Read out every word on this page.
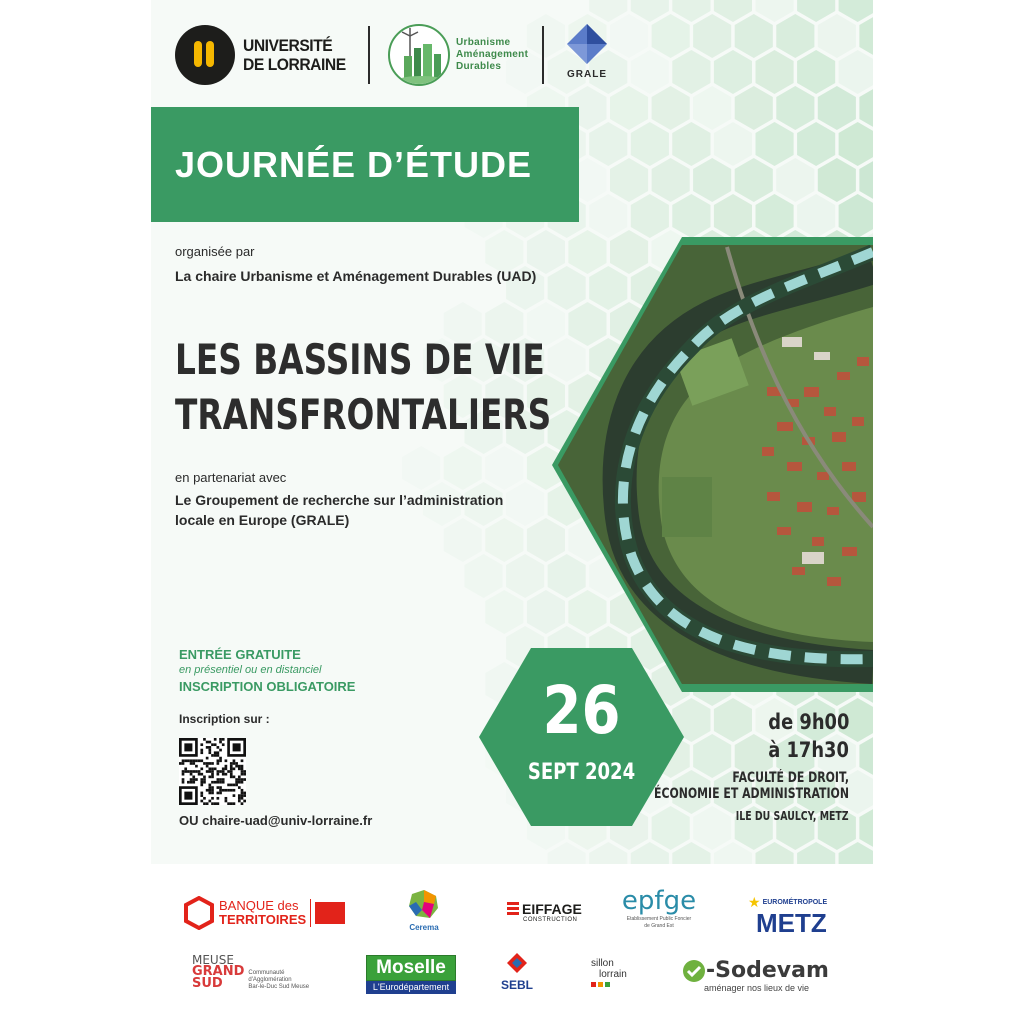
UNIVERSITÉ
DE LORRAINE
Urbanisme
Aménagement
Durables
GRALE
JOURNÉE D’ÉTUDE
organisée par
La chaire Urbanisme et Aménagement Durables (UAD)
LES BASSINS DE VIE
TRANSFRONTALIERS
en partenariat avec
Le Groupement de recherche sur l’administration
locale en Europe (GRALE)
ENTRÉE GRATUITE
en présentiel ou en distanciel
INSCRIPTION OBLIGATOIRE
Inscription sur :
OU chaire-uad@univ-lorraine.fr
26
SEPT 2024
de 9h00
à 17h30
FACULTÉ DE DROIT,
ÉCONOMIE ET ADMINISTRATION
ILE DU SAULCY, METZ
BANQUE des
TERRITOIRES
Cerema
EIFFAGE
CONSTRUCTION
epfge
Etablissement Public Foncier
de Grand Est
★ EUROMÉTROPOLE
METZ
MEUSE
GRAND
SUD
Communauté d'Agglomération
Bar-le-Duc Sud Meuse
Moselle
L'Eurodépartement	SEBL
sillon
lorrain	-Sodevam
aménager nos lieux de vie
